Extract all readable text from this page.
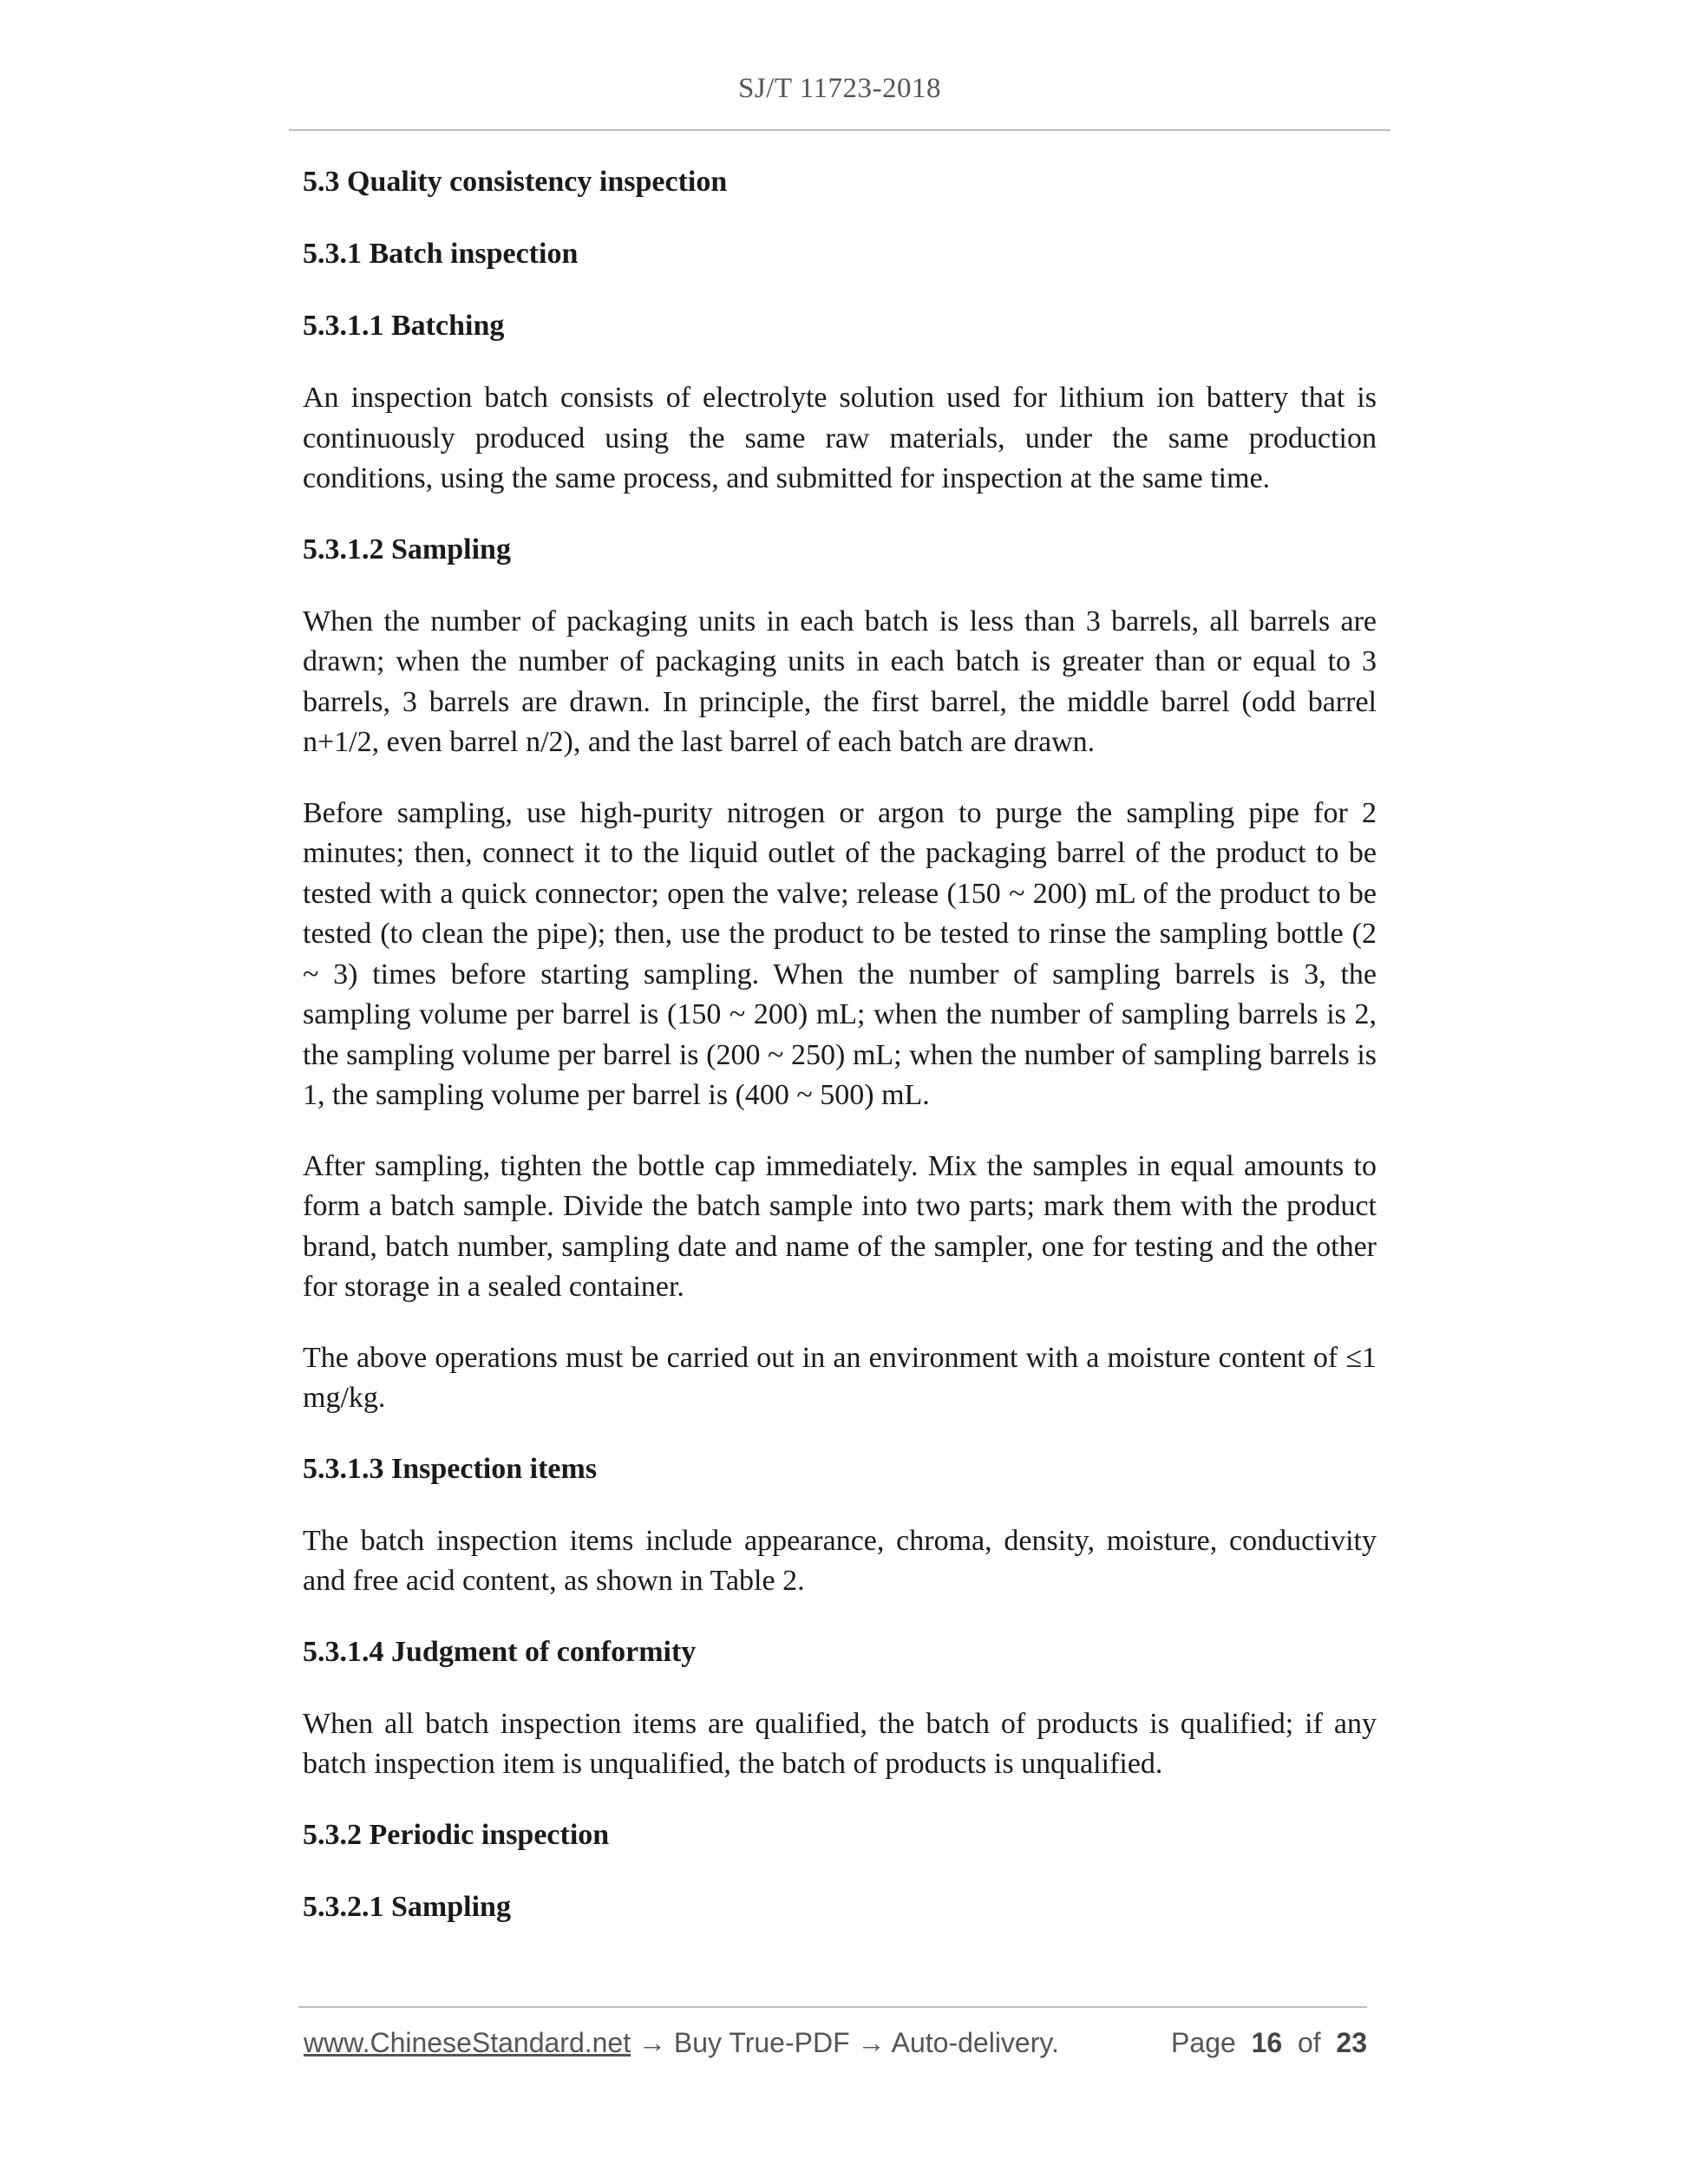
SJ/T 11723-2018
5.3 Quality consistency inspection
5.3.1 Batch inspection
5.3.1.1 Batching
An inspection batch consists of electrolyte solution used for lithium ion battery that is continuously produced using the same raw materials, under the same production conditions, using the same process, and submitted for inspection at the same time.
5.3.1.2 Sampling
When the number of packaging units in each batch is less than 3 barrels, all barrels are drawn; when the number of packaging units in each batch is greater than or equal to 3 barrels, 3 barrels are drawn. In principle, the first barrel, the middle barrel (odd barrel n+1/2, even barrel n/2), and the last barrel of each batch are drawn.
Before sampling, use high-purity nitrogen or argon to purge the sampling pipe for 2 minutes; then, connect it to the liquid outlet of the packaging barrel of the product to be tested with a quick connector; open the valve; release (150 ~ 200) mL of the product to be tested (to clean the pipe); then, use the product to be tested to rinse the sampling bottle (2 ~ 3) times before starting sampling. When the number of sampling barrels is 3, the sampling volume per barrel is (150 ~ 200) mL; when the number of sampling barrels is 2, the sampling volume per barrel is (200 ~ 250) mL; when the number of sampling barrels is 1, the sampling volume per barrel is (400 ~ 500) mL.
After sampling, tighten the bottle cap immediately. Mix the samples in equal amounts to form a batch sample. Divide the batch sample into two parts; mark them with the product brand, batch number, sampling date and name of the sampler, one for testing and the other for storage in a sealed container.
The above operations must be carried out in an environment with a moisture content of ≤1 mg/kg.
5.3.1.3 Inspection items
The batch inspection items include appearance, chroma, density, moisture, conductivity and free acid content, as shown in Table 2.
5.3.1.4 Judgment of conformity
When all batch inspection items are qualified, the batch of products is qualified; if any batch inspection item is unqualified, the batch of products is unqualified.
5.3.2 Periodic inspection
5.3.2.1 Sampling
www.ChineseStandard.net → Buy True-PDF → Auto-delivery.	Page 16 of 23
